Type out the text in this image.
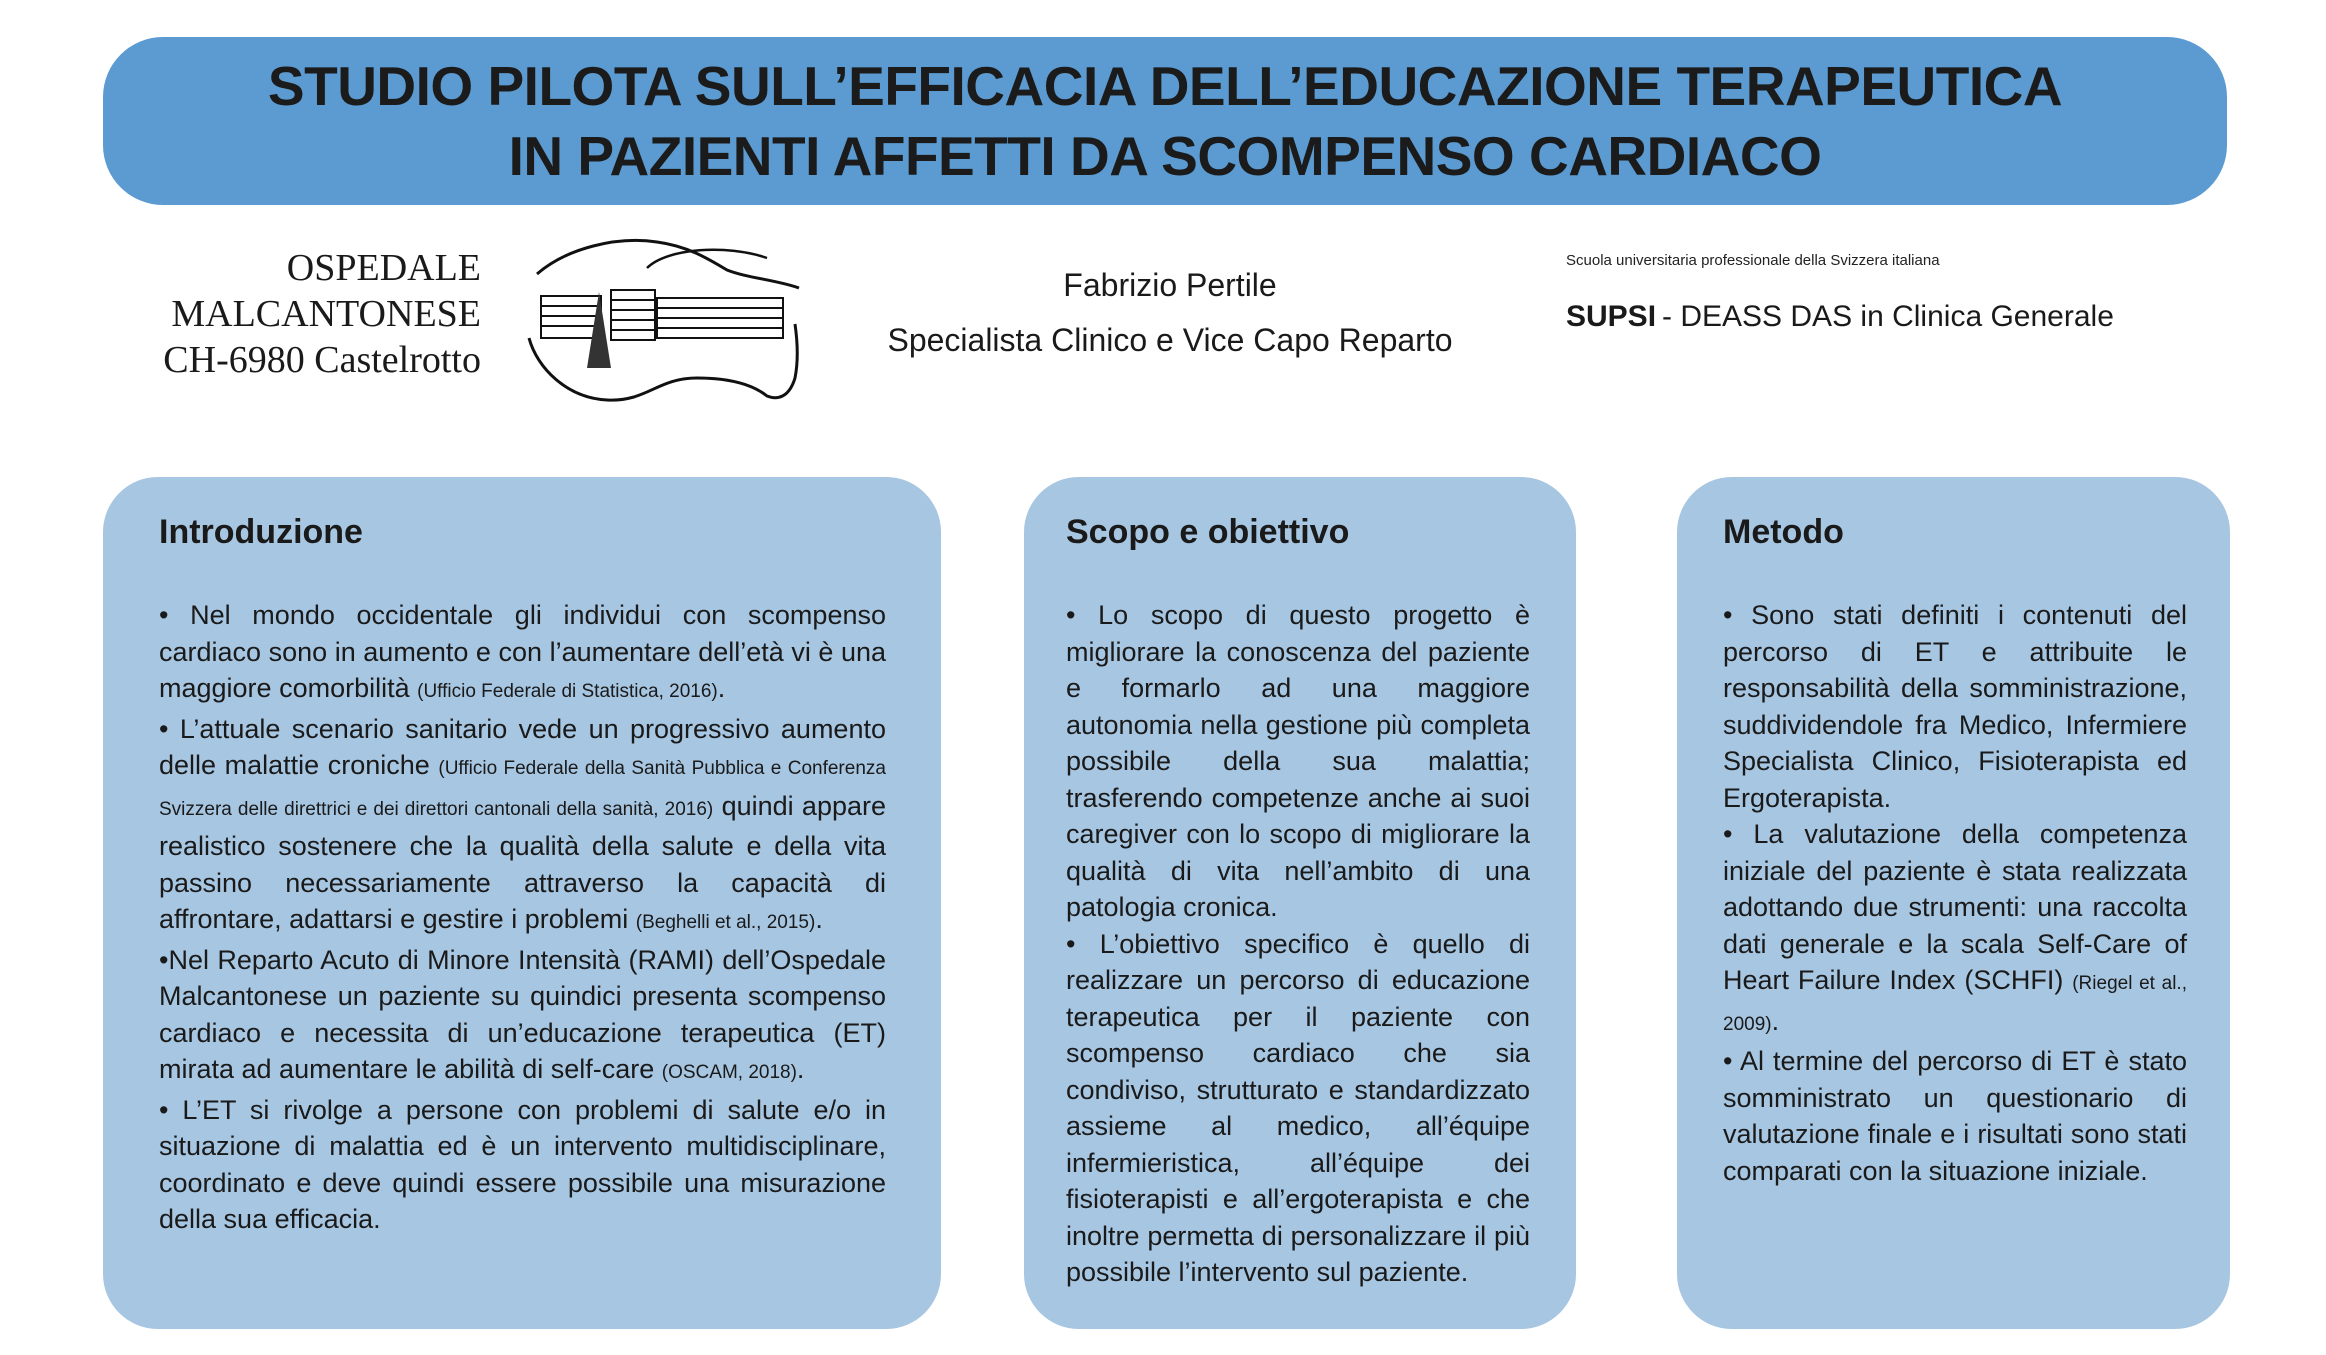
STUDIO PILOTA SULL’EFFICACIA DELL’EDUCAZIONE TERAPEUTICA
IN PAZIENTI AFFETTI DA SCOMPENSO CARDIACO
OSPEDALE
MALCANTONESE
CH-6980 Castelrotto
Fabrizio Pertile
Specialista Clinico e Vice Capo Reparto
Scuola universitaria professionale della Svizzera italiana
SUPSI - DEASS DAS in Clinica Generale
Introduzione

• Nel mondo occidentale gli individui con scompenso cardiaco sono in aumento e con l’aumentare dell’età vi è una maggiore comorbilità (Ufficio Federale di Statistica, 2016).

• L’attuale scenario sanitario vede un progressivo aumento delle malattie croniche (Ufficio Federale della Sanità Pubblica e Conferenza Svizzera delle direttrici e dei direttori cantonali della sanità, 2016) quindi appare realistico sostenere che la qualità della salute e della vita passino necessariamente attraverso la capacità di affrontare, adattarsi e gestire i problemi (Beghelli et al., 2015).

•Nel Reparto Acuto di Minore Intensità (RAMI) dell’Ospedale Malcantonese un paziente su quindici presenta scompenso cardiaco e necessita di un’educazione terapeutica (ET) mirata ad aumentare le abilità di self-care (OSCAM, 2018).

• L’ET si rivolge a persone con problemi di salute e/o in situazione di malattia ed è un intervento multidisciplinare, coordinato e deve quindi essere possibile una misurazione della sua efficacia.

Scopo e obiettivo

• Lo scopo di questo progetto è migliorare la conoscenza del paziente e formarlo ad una maggiore autonomia nella gestione più completa possibile della sua malattia; trasferendo competenze anche ai suoi caregiver con lo scopo di migliorare la qualità di vita nell’ambito di una patologia cronica.

• L’obiettivo specifico è quello di realizzare un percorso di educazione terapeutica per il paziente con scompenso cardiaco che sia condiviso, strutturato e standardizzato assieme al medico, all’équipe infermieristica, all’équipe dei fisioterapisti e all’ergoterapista e che inoltre permetta di personalizzare il più possibile l’intervento sul paziente.

Metodo

• Sono stati definiti i contenuti del percorso di ET e attribuite le responsabilità della somministrazione, suddividendole fra Medico, Infermiere Specialista Clinico, Fisioterapista ed Ergoterapista.

• La valutazione della competenza iniziale del paziente è stata realizzata adottando due strumenti: una raccolta dati generale e la scala Self-Care of Heart Failure Index (SCHFI) (Riegel et al., 2009).

• Al termine del percorso di ET è stato somministrato un questionario di valutazione finale e i risultati sono stati comparati con la situazione iniziale.
